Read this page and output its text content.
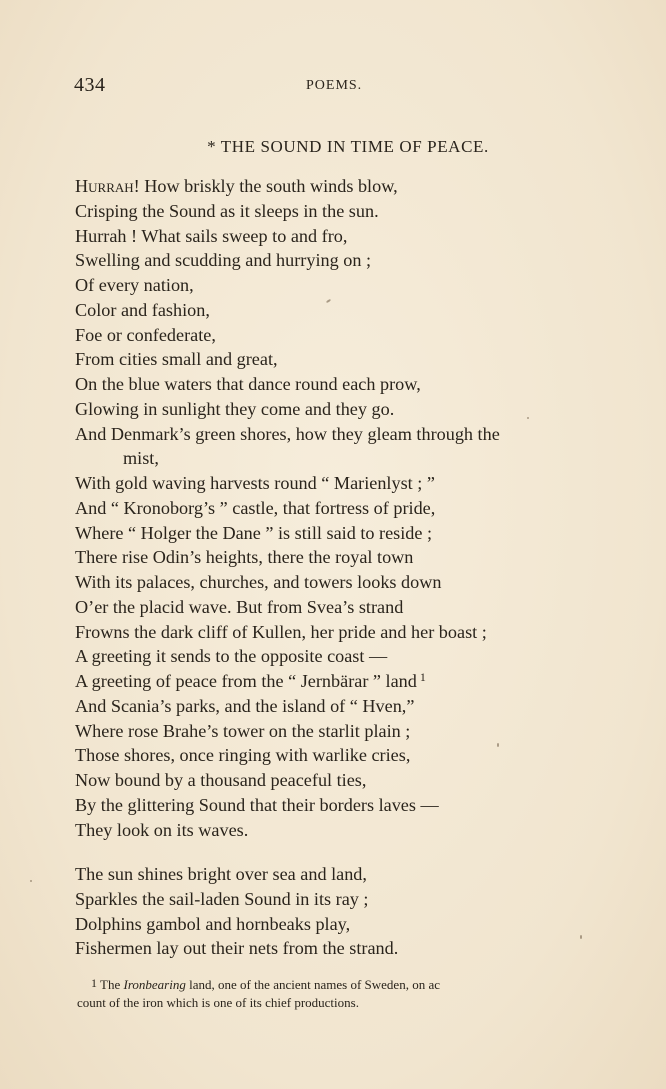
434	POEMS.
* THE SOUND IN TIME OF PEACE.
Hurrah! How briskly the south winds blow,
Crisping the Sound as it sleeps in the sun.
Hurrah ! What sails sweep to and fro,
Swelling and scudding and hurrying on ;
Of every nation,
Color and fashion,
Foe or confederate,
From cities small and great,
On the blue waters that dance round each prow,
Glowing in sunlight they come and they go.
And Denmark’s green shores, how they gleam through the
mist,
With gold waving harvests round “ Marienlyst ; ”
And “ Kronoborg’s ” castle, that fortress of pride,
Where “ Holger the Dane ” is still said to reside ;
There rise Odin’s heights, there the royal town
With its palaces, churches, and towers looks down
O’er the placid wave. But from Svea’s strand
Frowns the dark cliff of Kullen, her pride and her boast ;
A greeting it sends to the opposite coast —
A greeting of peace from the “ Jernbärar ” land $^1$
And Scania’s parks, and the island of “ Hven,”
Where rose Brahe’s tower on the starlit plain ;
Those shores, once ringing with warlike cries,
Now bound by a thousand peaceful ties,
By the glittering Sound that their borders laves —
They look on its waves.
The sun shines bright over sea and land,
Sparkles the sail-laden Sound in its ray ;
Dolphins gambol and hornbeaks play,
Fishermen lay out their nets from the strand.
1 The Ironbearing land, one of the ancient names of Sweden, on ac
count of the iron which is one of its chief productions.
